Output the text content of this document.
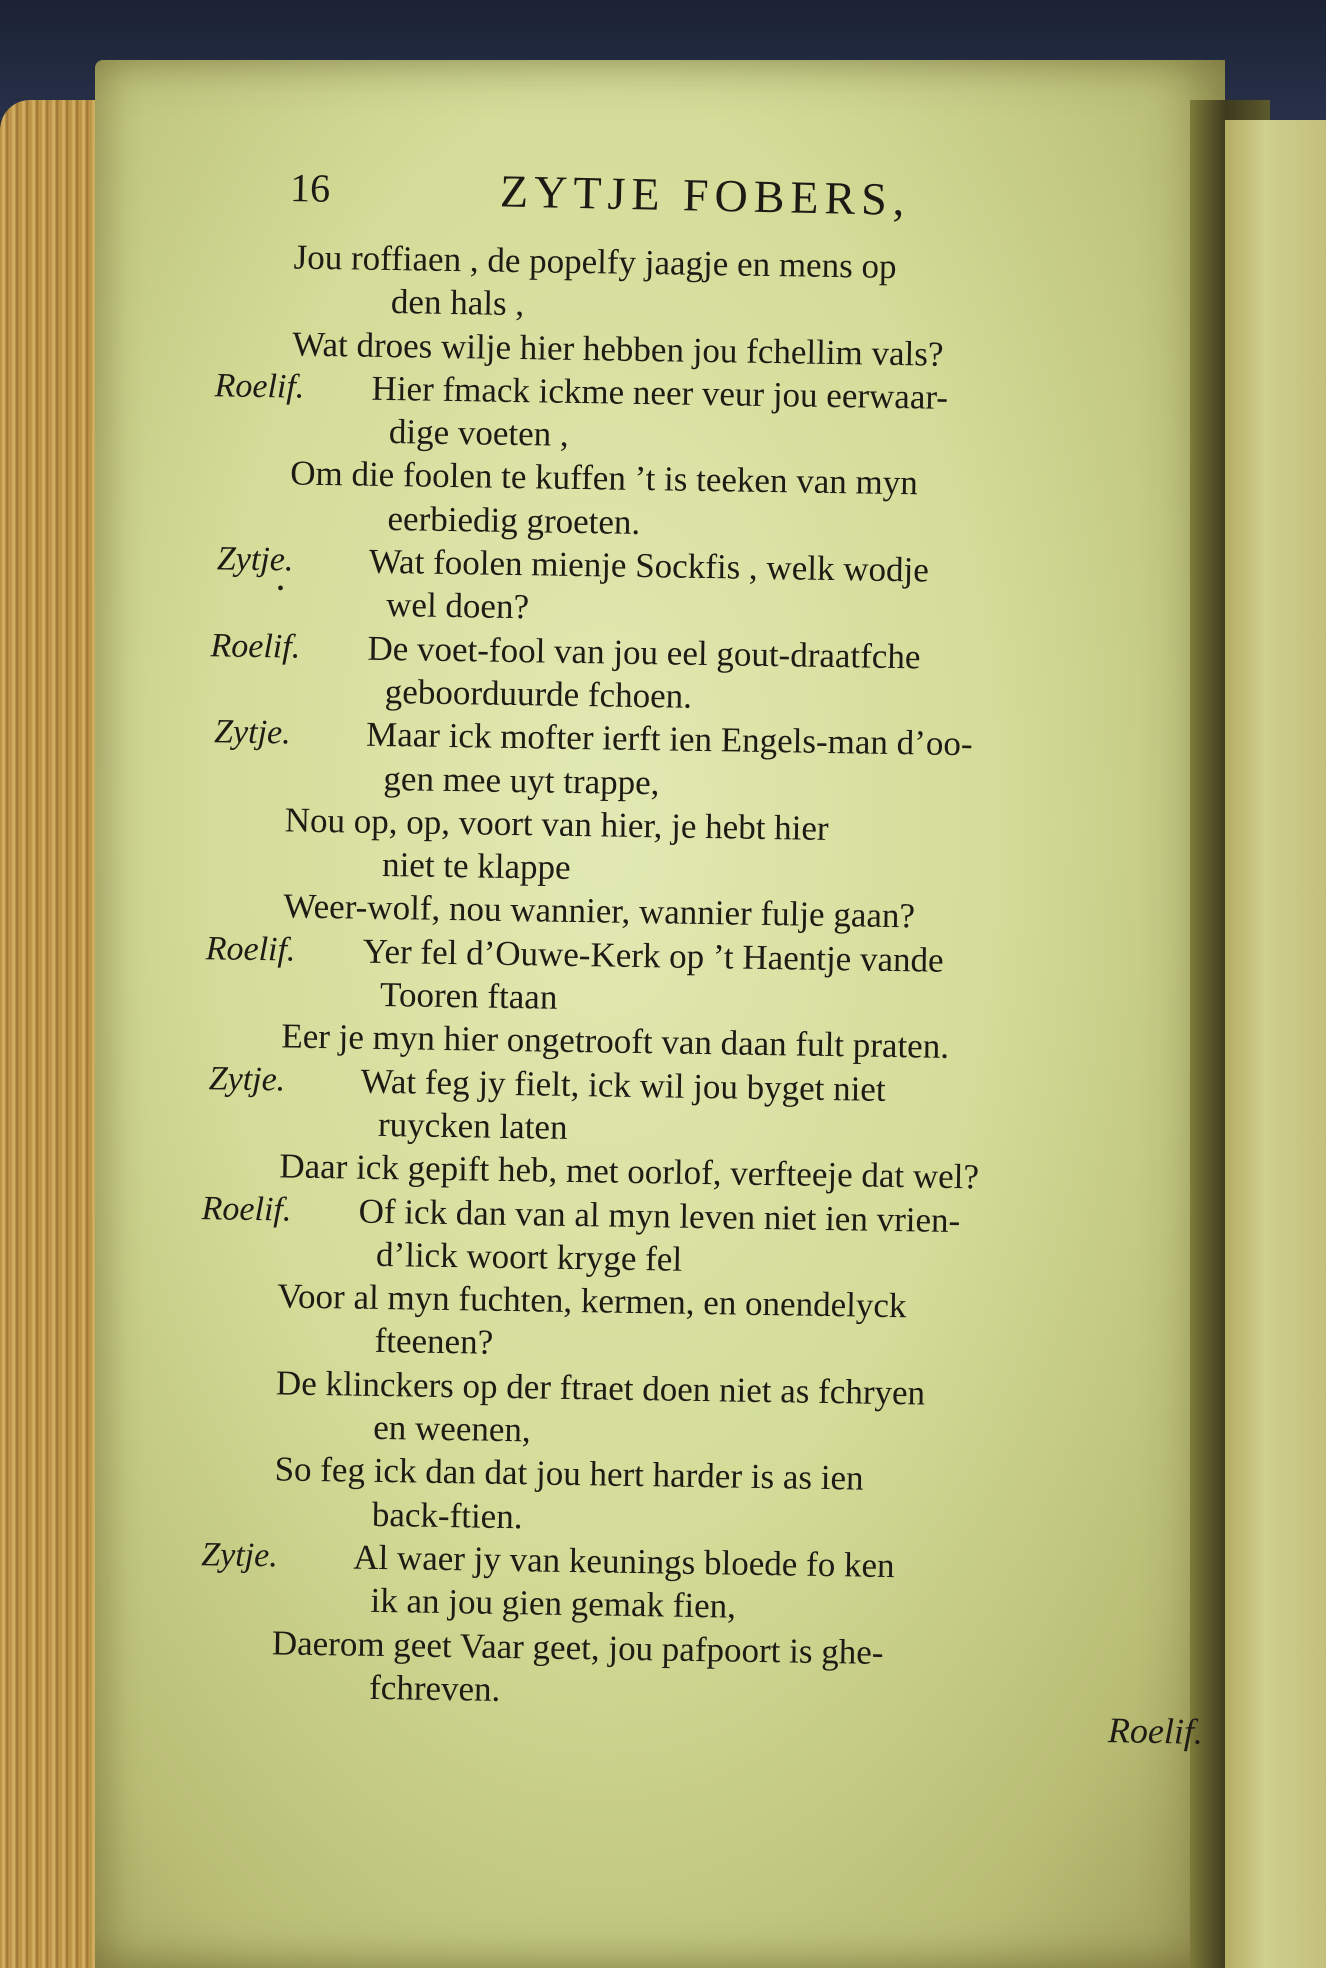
16	ZYTJE FOBERS,
•
Jou roffiaen , de popelfy jaagje en mens op
den hals ,
Wat droes wilje hier hebben jou fchellim vals?
Roelif. Hier fmack ickme neer veur jou eerwaar-
dige voeten ,
Om die foolen te kuffen ’t is teeken van myn
eerbiedig groeten.
Zytje. Wat foolen mienje Sockfis , welk wodje
wel doen?
Roelif. De voet-fool van jou eel gout-draatfche
geboorduurde fchoen.
Zytje. Maar ick mofter ierft ien Engels-man d’oo-
gen mee uyt trappe,
Nou op, op, voort van hier, je hebt hier
niet te klappe
Weer-wolf, nou wannier, wannier fulje gaan?
Roelif. Yer fel d’Ouwe-Kerk op ’t Haentje vande
Tooren ftaan
Eer je myn hier ongetrooft van daan fult praten.
Zytje. Wat feg jy fielt, ick wil jou byget niet
ruycken laten
Daar ick gepift heb, met oorlof, verfteeje dat wel?
Roelif. Of ick dan van al myn leven niet ien vrien-
d’lick woort kryge fel
Voor al myn fuchten, kermen, en onendelyck
fteenen?
De klinckers op der ftraet doen niet as fchryen
en weenen,
So feg ick dan dat jou hert harder is as ien
back-ftien.
Zytje. Al waer jy van keunings bloede fo ken
ik an jou gien gemak fien,
Daerom geet Vaar geet, jou pafpoort is ghe-
fchreven.
Roelif.
